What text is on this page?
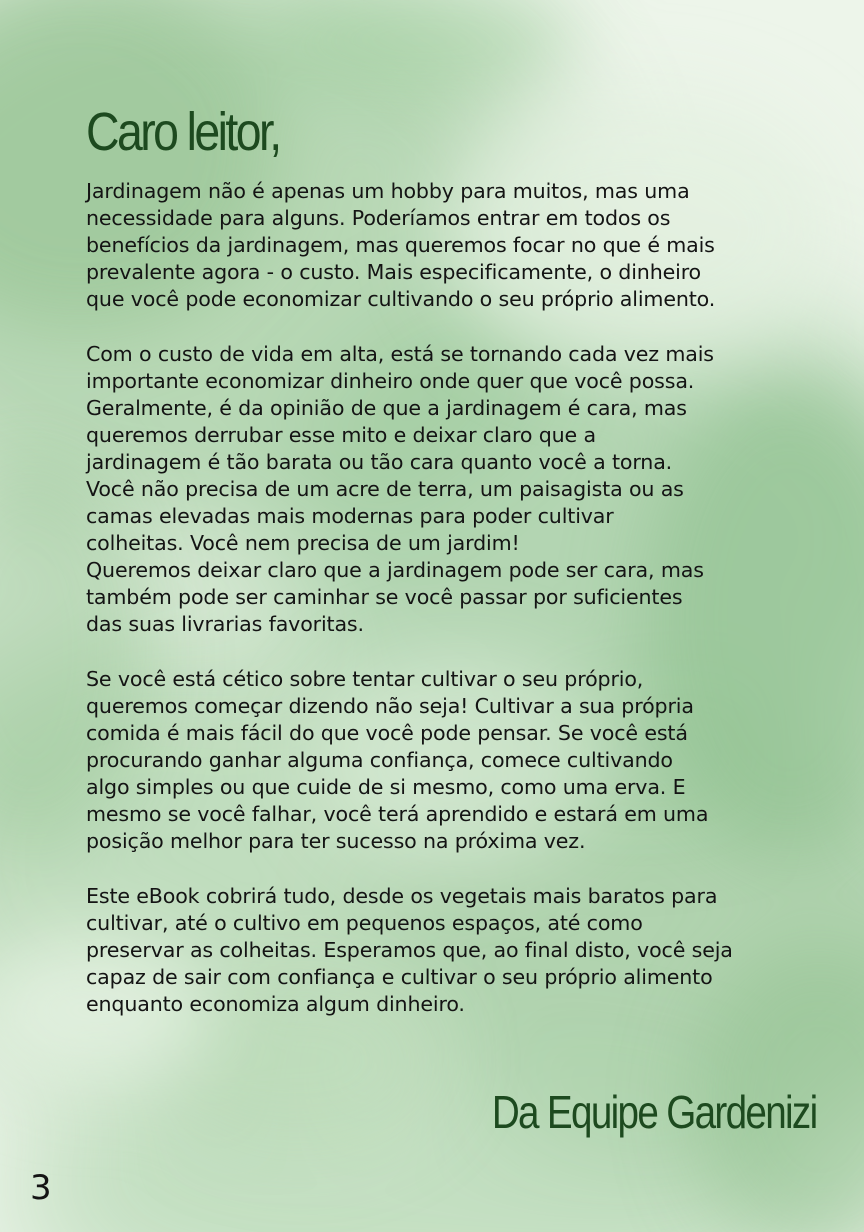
Caro leitor,

Jardinagem não é apenas um hobby para muitos, mas uma
necessidade para alguns. Poderíamos entrar em todos os
benefícios da jardinagem, mas queremos focar no que é mais
prevalente agora - o custo. Mais especificamente, o dinheiro
que você pode economizar cultivando o seu próprio alimento.

Com o custo de vida em alta, está se tornando cada vez mais
importante economizar dinheiro onde quer que você possa.
Geralmente, é da opinião de que a jardinagem é cara, mas
queremos derrubar esse mito e deixar claro que a
jardinagem é tão barata ou tão cara quanto você a torna.
Você não precisa de um acre de terra, um paisagista ou as
camas elevadas mais modernas para poder cultivar
colheitas. Você nem precisa de um jardim!
Queremos deixar claro que a jardinagem pode ser cara, mas
também pode ser caminhar se você passar por suficientes
das suas livrarias favoritas.

Se você está cético sobre tentar cultivar o seu próprio,
queremos começar dizendo não seja! Cultivar a sua própria
comida é mais fácil do que você pode pensar. Se você está
procurando ganhar alguma confiança, comece cultivando
algo simples ou que cuide de si mesmo, como uma erva. E
mesmo se você falhar, você terá aprendido e estará em uma
posição melhor para ter sucesso na próxima vez.

Este eBook cobrirá tudo, desde os vegetais mais baratos para
cultivar, até o cultivo em pequenos espaços, até como
preservar as colheitas. Esperamos que, ao final disto, você seja
capaz de sair com confiança e cultivar o seu próprio alimento
enquanto economiza algum dinheiro.

Da Equipe Gardenizi

3
